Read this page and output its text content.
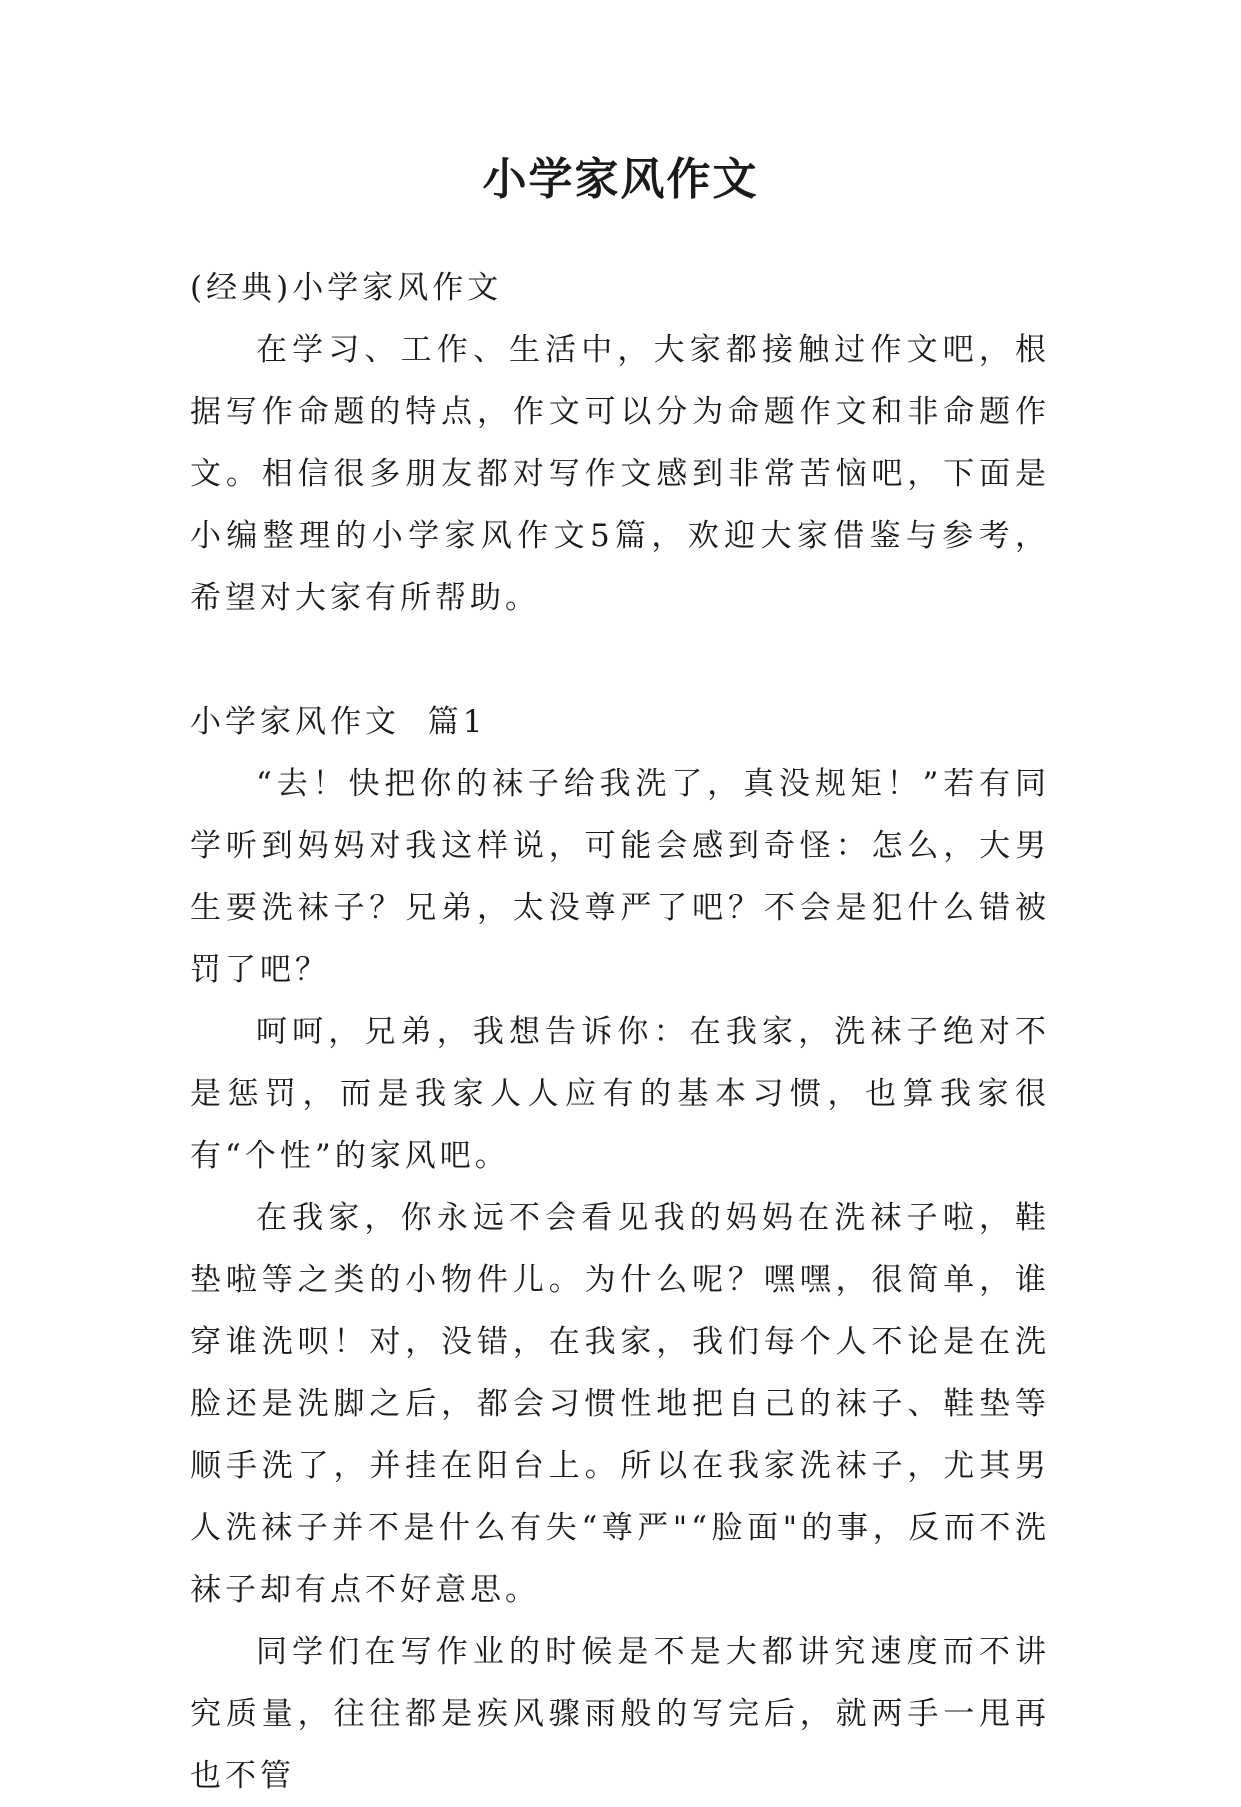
小学家风作文

(经典)小学家风作文

在学习、工作、生活中，大家都接触过作文吧，根据写作命题的特点，作文可以分为命题作文和非命题作文。相信很多朋友都对写作文感到非常苦恼吧，下面是小编整理的小学家风作文5篇，欢迎大家借鉴与参考，希望对大家有所帮助。

小学家风作文  篇1

“去！快把你的袜子给我洗了，真没规矩！”若有同学听到妈妈对我这样说，可能会感到奇怪：怎么，大男生要洗袜子？兄弟，太没尊严了吧？不会是犯什么错被罚了吧？

呵呵，兄弟，我想告诉你：在我家，洗袜子绝对不是惩罚，而是我家人人应有的基本习惯，也算我家很有“个性”的家风吧。

在我家，你永远不会看见我的妈妈在洗袜子啦，鞋垫啦等之类的小物件儿。为什么呢？嘿嘿，很简单，谁穿谁洗呗！对，没错，在我家，我们每个人不论是在洗脸还是洗脚之后，都会习惯性地把自己的袜子、鞋垫等顺手洗了，并挂在阳台上。所以在我家洗袜子，尤其男人洗袜子并不是什么有失“尊严"“脸面"的事，反而不洗袜子却有点不好意思。

同学们在写作业的时候是不是大都讲究速度而不讲究质量，往往都是疾风骤雨般的写完后，就两手一甩再也不管
